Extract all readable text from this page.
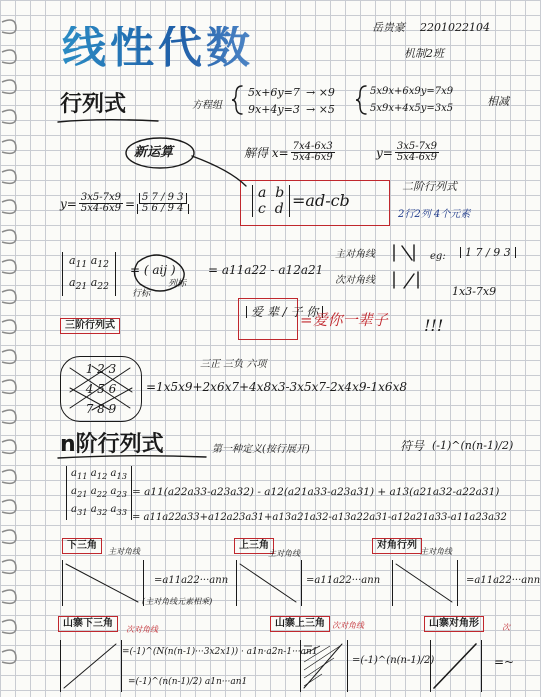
线性代数	岳贵豪 2201022104
机制2班
行列式	方程组
5x+6y=7 → ×9
9x+4y=3 → ×5
5x9x+6x9y=7x9
5x9x+4x5y=3x5
相减
新运算	解得 $x= \frac{7x4-6x3}{5x4-6x9}$	$y= \frac{3x5-7x9}{5x4-6x9}$
$y= \frac{3x5-7x9}{5x4-6x9} = \frac{5 7 / 9 3}{5 6 / 9 4}$	a b
c d =ad-cb
二阶行列式
2行2列 4个元素
$a_{11}$ $a_{12}$
$a_{21}$ $a_{22}$
= ( aij )
行标
列标
= a11a22 - a12a21
主对角线
次对角线
eg:	1 7 / 9 3
1x3-7x9
爱 辈 / 子 你
=爱你一辈子 !!!
三阶行列式
三正 三负 六项
1 2 3
4 5 6
7 8 9
=1x5x9+2x6x7+4x8x3-3x5x7-2x4x9-1x6x8
n阶行列式	第一种定义(按行展开)	符号 (-1)^(n(n-1)/2)
$a_{11}$ $a_{12}$ $a_{13}$
$a_{21}$ $a_{22}$ $a_{23}$
$a_{31}$ $a_{32}$ $a_{33}$
= a11(a22a33-a23a32) - a12(a21a33-a23a31) + a13(a21a32-a22a31)
= a11a22a33+a12a23a31+a13a21a32-a13a22a31-a12a21a33-a11a23a32
下三角
主对角线
=a11a22···ann
(主对角线元素相乘)
上三角
主对角线
=a11a22···ann
对角行列
主对角线
=a11a22···ann
山寨下三角
次对角线
=(-1)^(N(n(n-1)···3x2x1)) · a1n·a2n-1···an1
=(-1)^(n(n-1)/2) a1n···an1
山寨上三角 次对角线
=(-1)^(n(n-1)/2)
山寨对角形	次
=~
